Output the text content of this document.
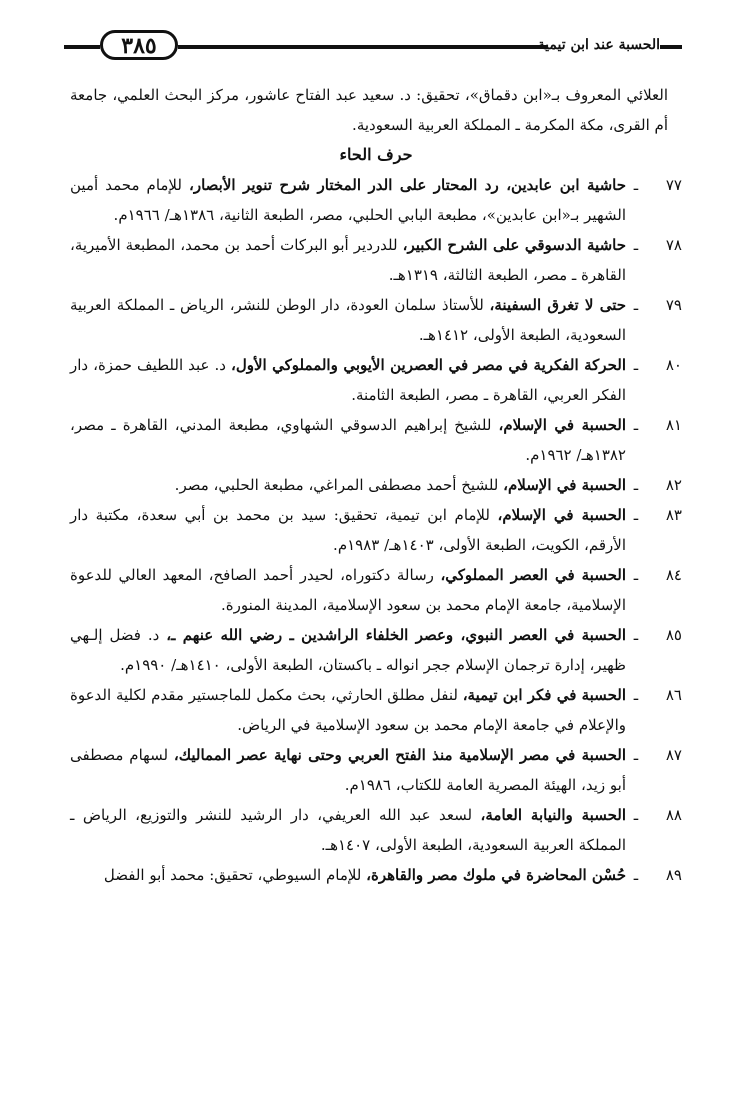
٣٨٥	الحسبة عند ابن تيمية

العلائي المعروف بـ«ابن دقماق»، تحقيق: د. سعيد عبد الفتاح عاشور، مركز البحث العلمي، جامعة أم القرى، مكة المكرمة ـ المملكة العربية السعودية.

حرف الحاء

٧٧
ـ
حاشية ابن عابدين، رد المحتار على الدر المختار شرح تنوير الأبصار، للإمام محمد أمين الشهير بـ«ابن عابدين»، مطبعة البابي الحلبي، مصر، الطبعة الثانية، ١٣٨٦هـ/ ١٩٦٦م.
٧٨
ـ
حاشية الدسوقي على الشرح الكبير، للدردير أبو البركات أحمد بن محمد، المطبعة الأميرية، القاهرة ـ مصر، الطبعة الثالثة، ١٣١٩هـ.
٧٩
ـ
حتى لا تغرق السفينة، للأستاذ سلمان العودة، دار الوطن للنشر، الرياض ـ المملكة العربية السعودية، الطبعة الأولى، ١٤١٢هـ.
٨٠
ـ
الحركة الفكرية في مصر في العصرين الأيوبي والمملوكي الأول، د. عبد اللطيف حمزة، دار الفكر العربي، القاهرة ـ مصر، الطبعة الثامنة.
٨١
ـ
الحسبة في الإسلام، للشيخ إبراهيم الدسوقي الشهاوي، مطبعة المدني، القاهرة ـ مصر، ١٣٨٢هـ/ ١٩٦٢م.
٨٢
ـ
الحسبة في الإسلام، للشيخ أحمد مصطفى المراغي، مطبعة الحلبي، مصر.
٨٣
ـ
الحسبة في الإسلام، للإمام ابن تيمية، تحقيق: سيد بن محمد بن أبي سعدة، مكتبة دار الأرقم، الكويت، الطبعة الأولى، ١٤٠٣هـ/ ١٩٨٣م.
٨٤
ـ
الحسبة في العصر المملوكي، رسالة دكتوراه، لحيدر أحمد الصافح، المعهد العالي للدعوة الإسلامية، جامعة الإمام محمد بن سعود الإسلامية، المدينة المنورة.
٨٥
ـ
الحسبة في العصر النبوي، وعصر الخلفاء الراشدين ـ رضي الله عنهم ـ، د. فضل إلـهي ظهير، إدارة ترجمان الإسلام ججر انواله ـ باكستان، الطبعة الأولى، ١٤١٠هـ/ ١٩٩٠م.
٨٦
ـ
الحسبة في فكر ابن تيمية، لنفل مطلق الحارثي، بحث مكمل للماجستير مقدم لكلية الدعوة والإعلام في جامعة الإمام محمد بن سعود الإسلامية في الرياض.
٨٧
ـ
الحسبة في مصر الإسلامية منذ الفتح العربي وحتى نهاية عصر المماليك، لسهام مصطفى أبو زيد، الهيئة المصرية العامة للكتاب، ١٩٨٦م.
٨٨
ـ
الحسبة والنيابة العامة، لسعد عبد الله العريفي، دار الرشيد للنشر والتوزيع، الرياض ـ المملكة العربية السعودية، الطبعة الأولى، ١٤٠٧هـ.
٨٩
ـ
حُسْن المحاضرة في ملوك مصر والقاهرة، للإمام السيوطي، تحقيق: محمد أبو الفضل
